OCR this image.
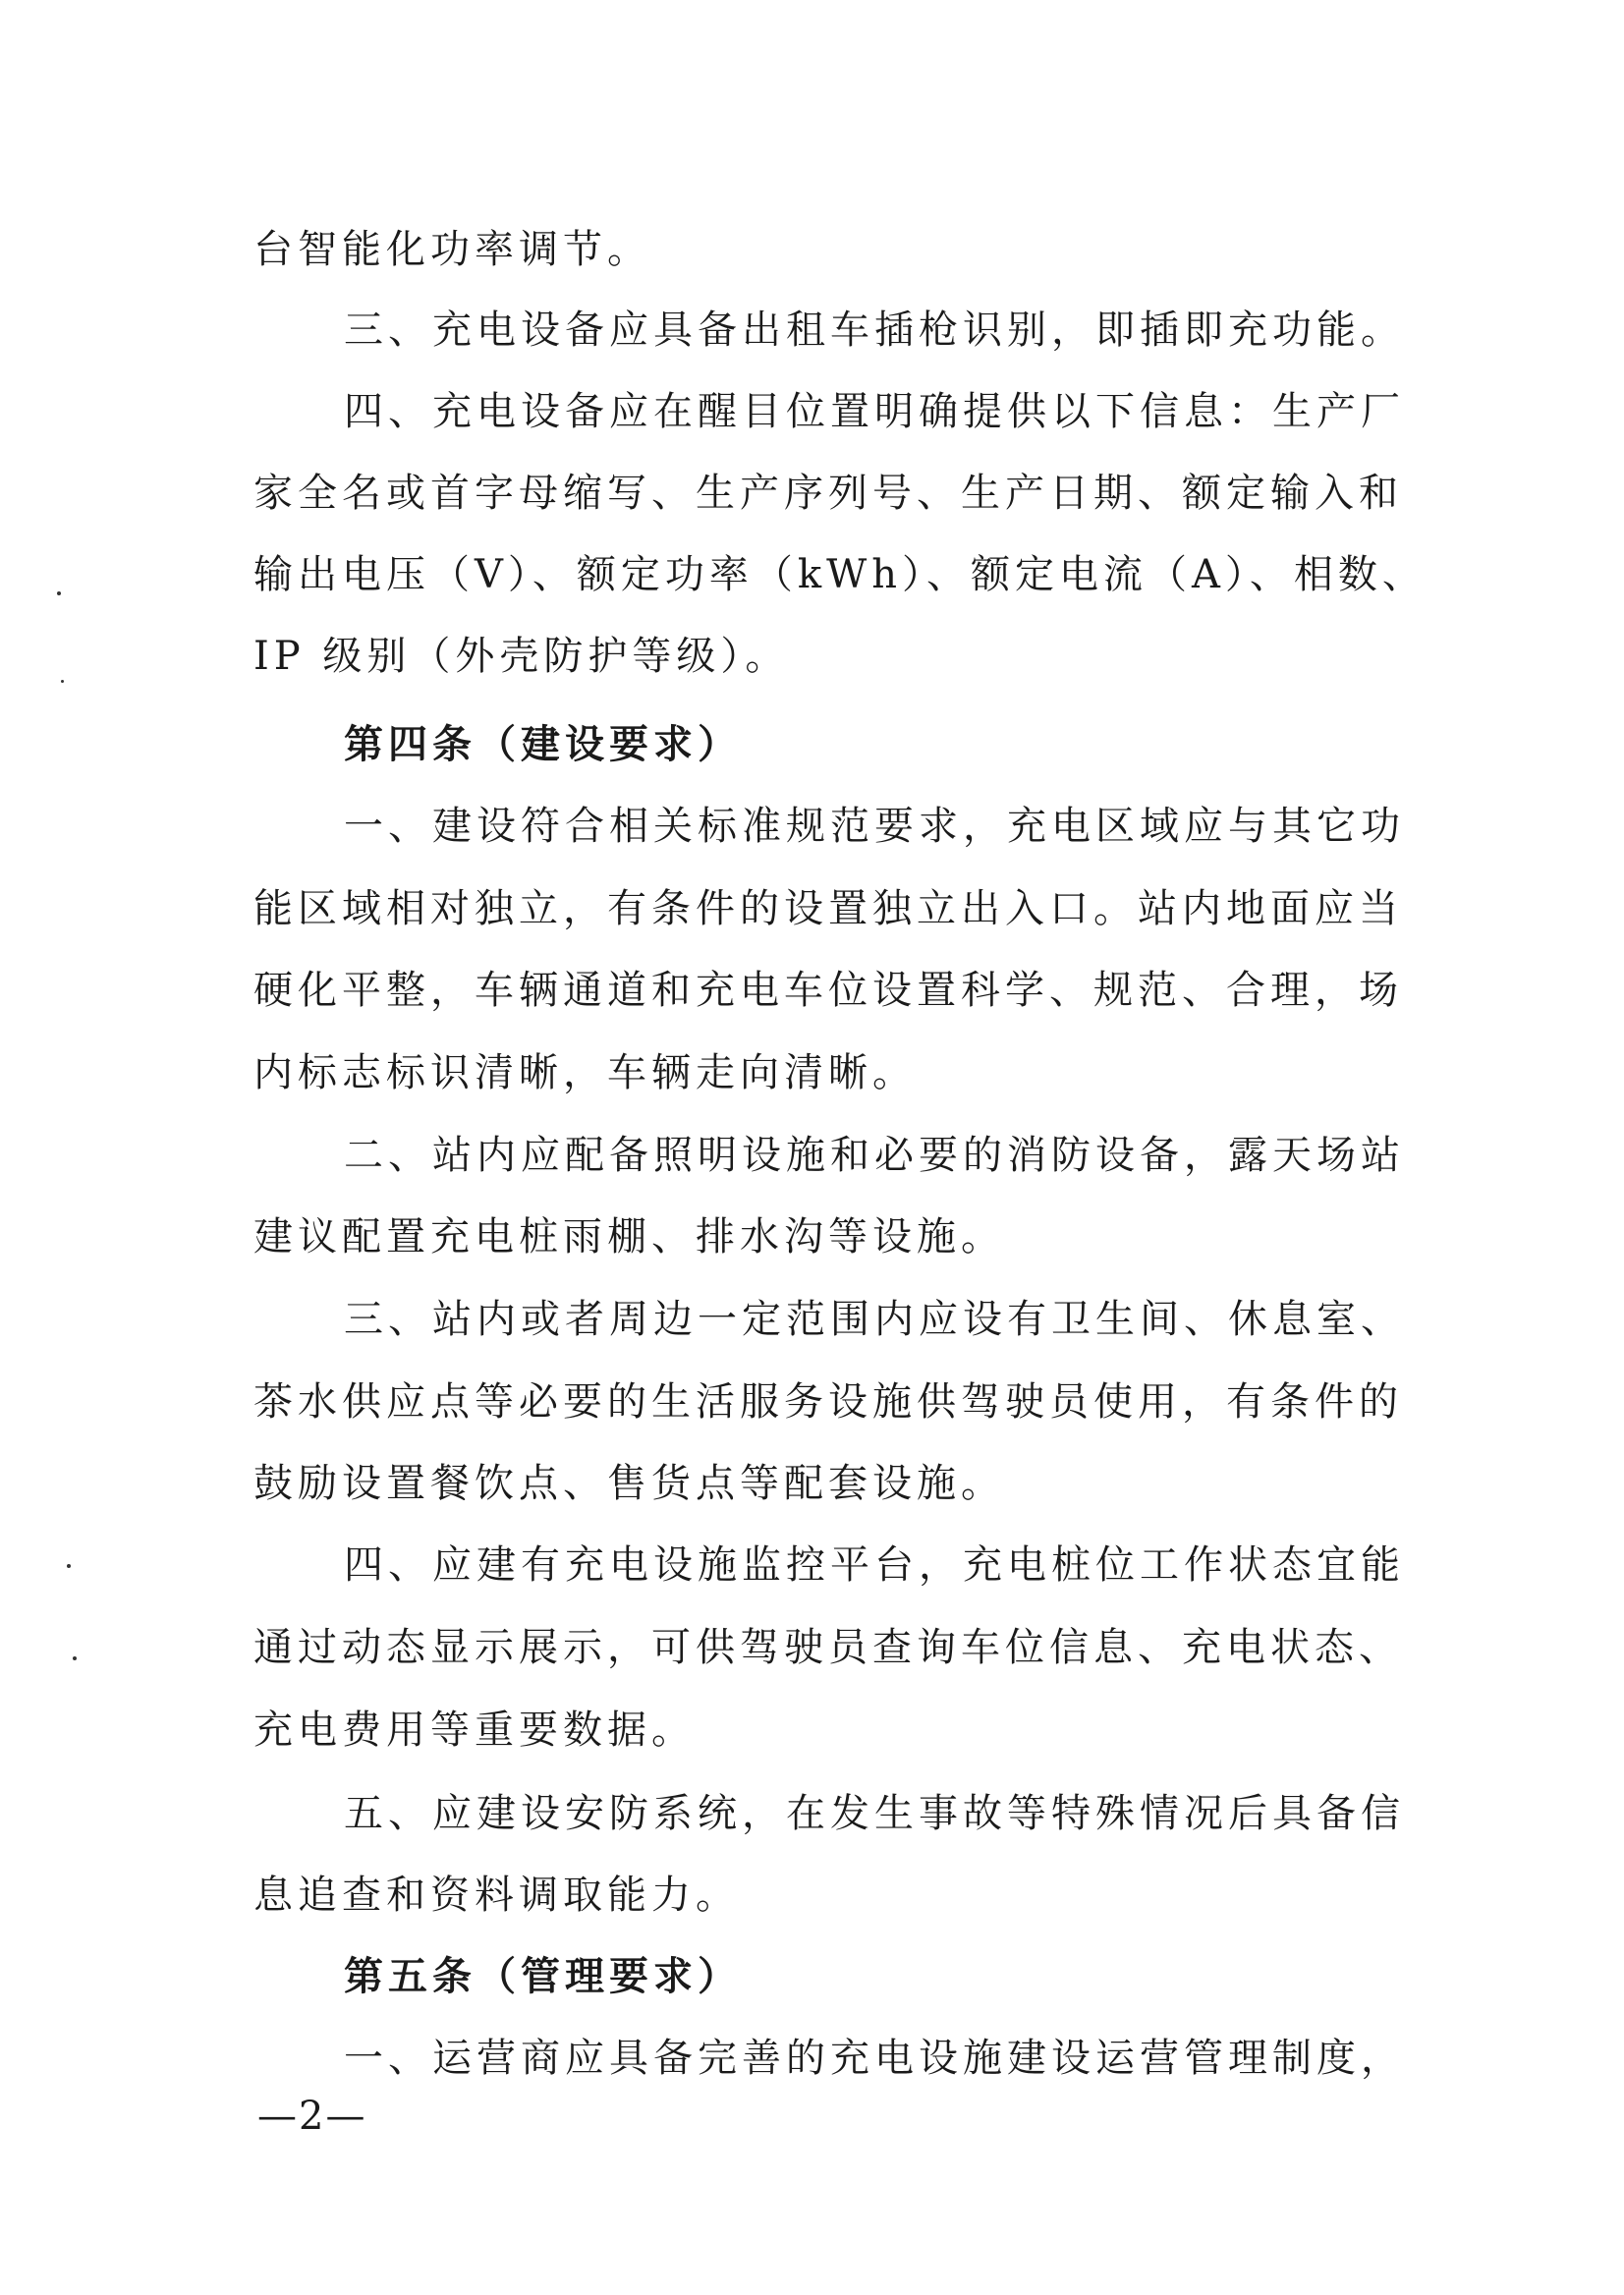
台智能化功率调节。
三、充电设备应具备出租车插枪识别，即插即充功能。
四、充电设备应在醒目位置明确提供以下信息：生产厂
家全名或首字母缩写、生产序列号、生产日期、额定输入和
输出电压（V）、额定功率（kWh）、额定电流（A）、相数、
IP 级别（外壳防护等级）。
第四条（建设要求）
一、建设符合相关标准规范要求，充电区域应与其它功
能区域相对独立，有条件的设置独立出入口。站内地面应当
硬化平整，车辆通道和充电车位设置科学、规范、合理，场
内标志标识清晰，车辆走向清晰。
二、站内应配备照明设施和必要的消防设备，露天场站
建议配置充电桩雨棚、排水沟等设施。
三、站内或者周边一定范围内应设有卫生间、休息室、
茶水供应点等必要的生活服务设施供驾驶员使用，有条件的
鼓励设置餐饮点、售货点等配套设施。
四、应建有充电设施监控平台，充电桩位工作状态宜能
通过动态显示展示，可供驾驶员查询车位信息、充电状态、
充电费用等重要数据。
五、应建设安防系统，在发生事故等特殊情况后具备信
息追查和资料调取能力。
第五条（管理要求）
一、运营商应具备完善的充电设施建设运营管理制度，
—2—
